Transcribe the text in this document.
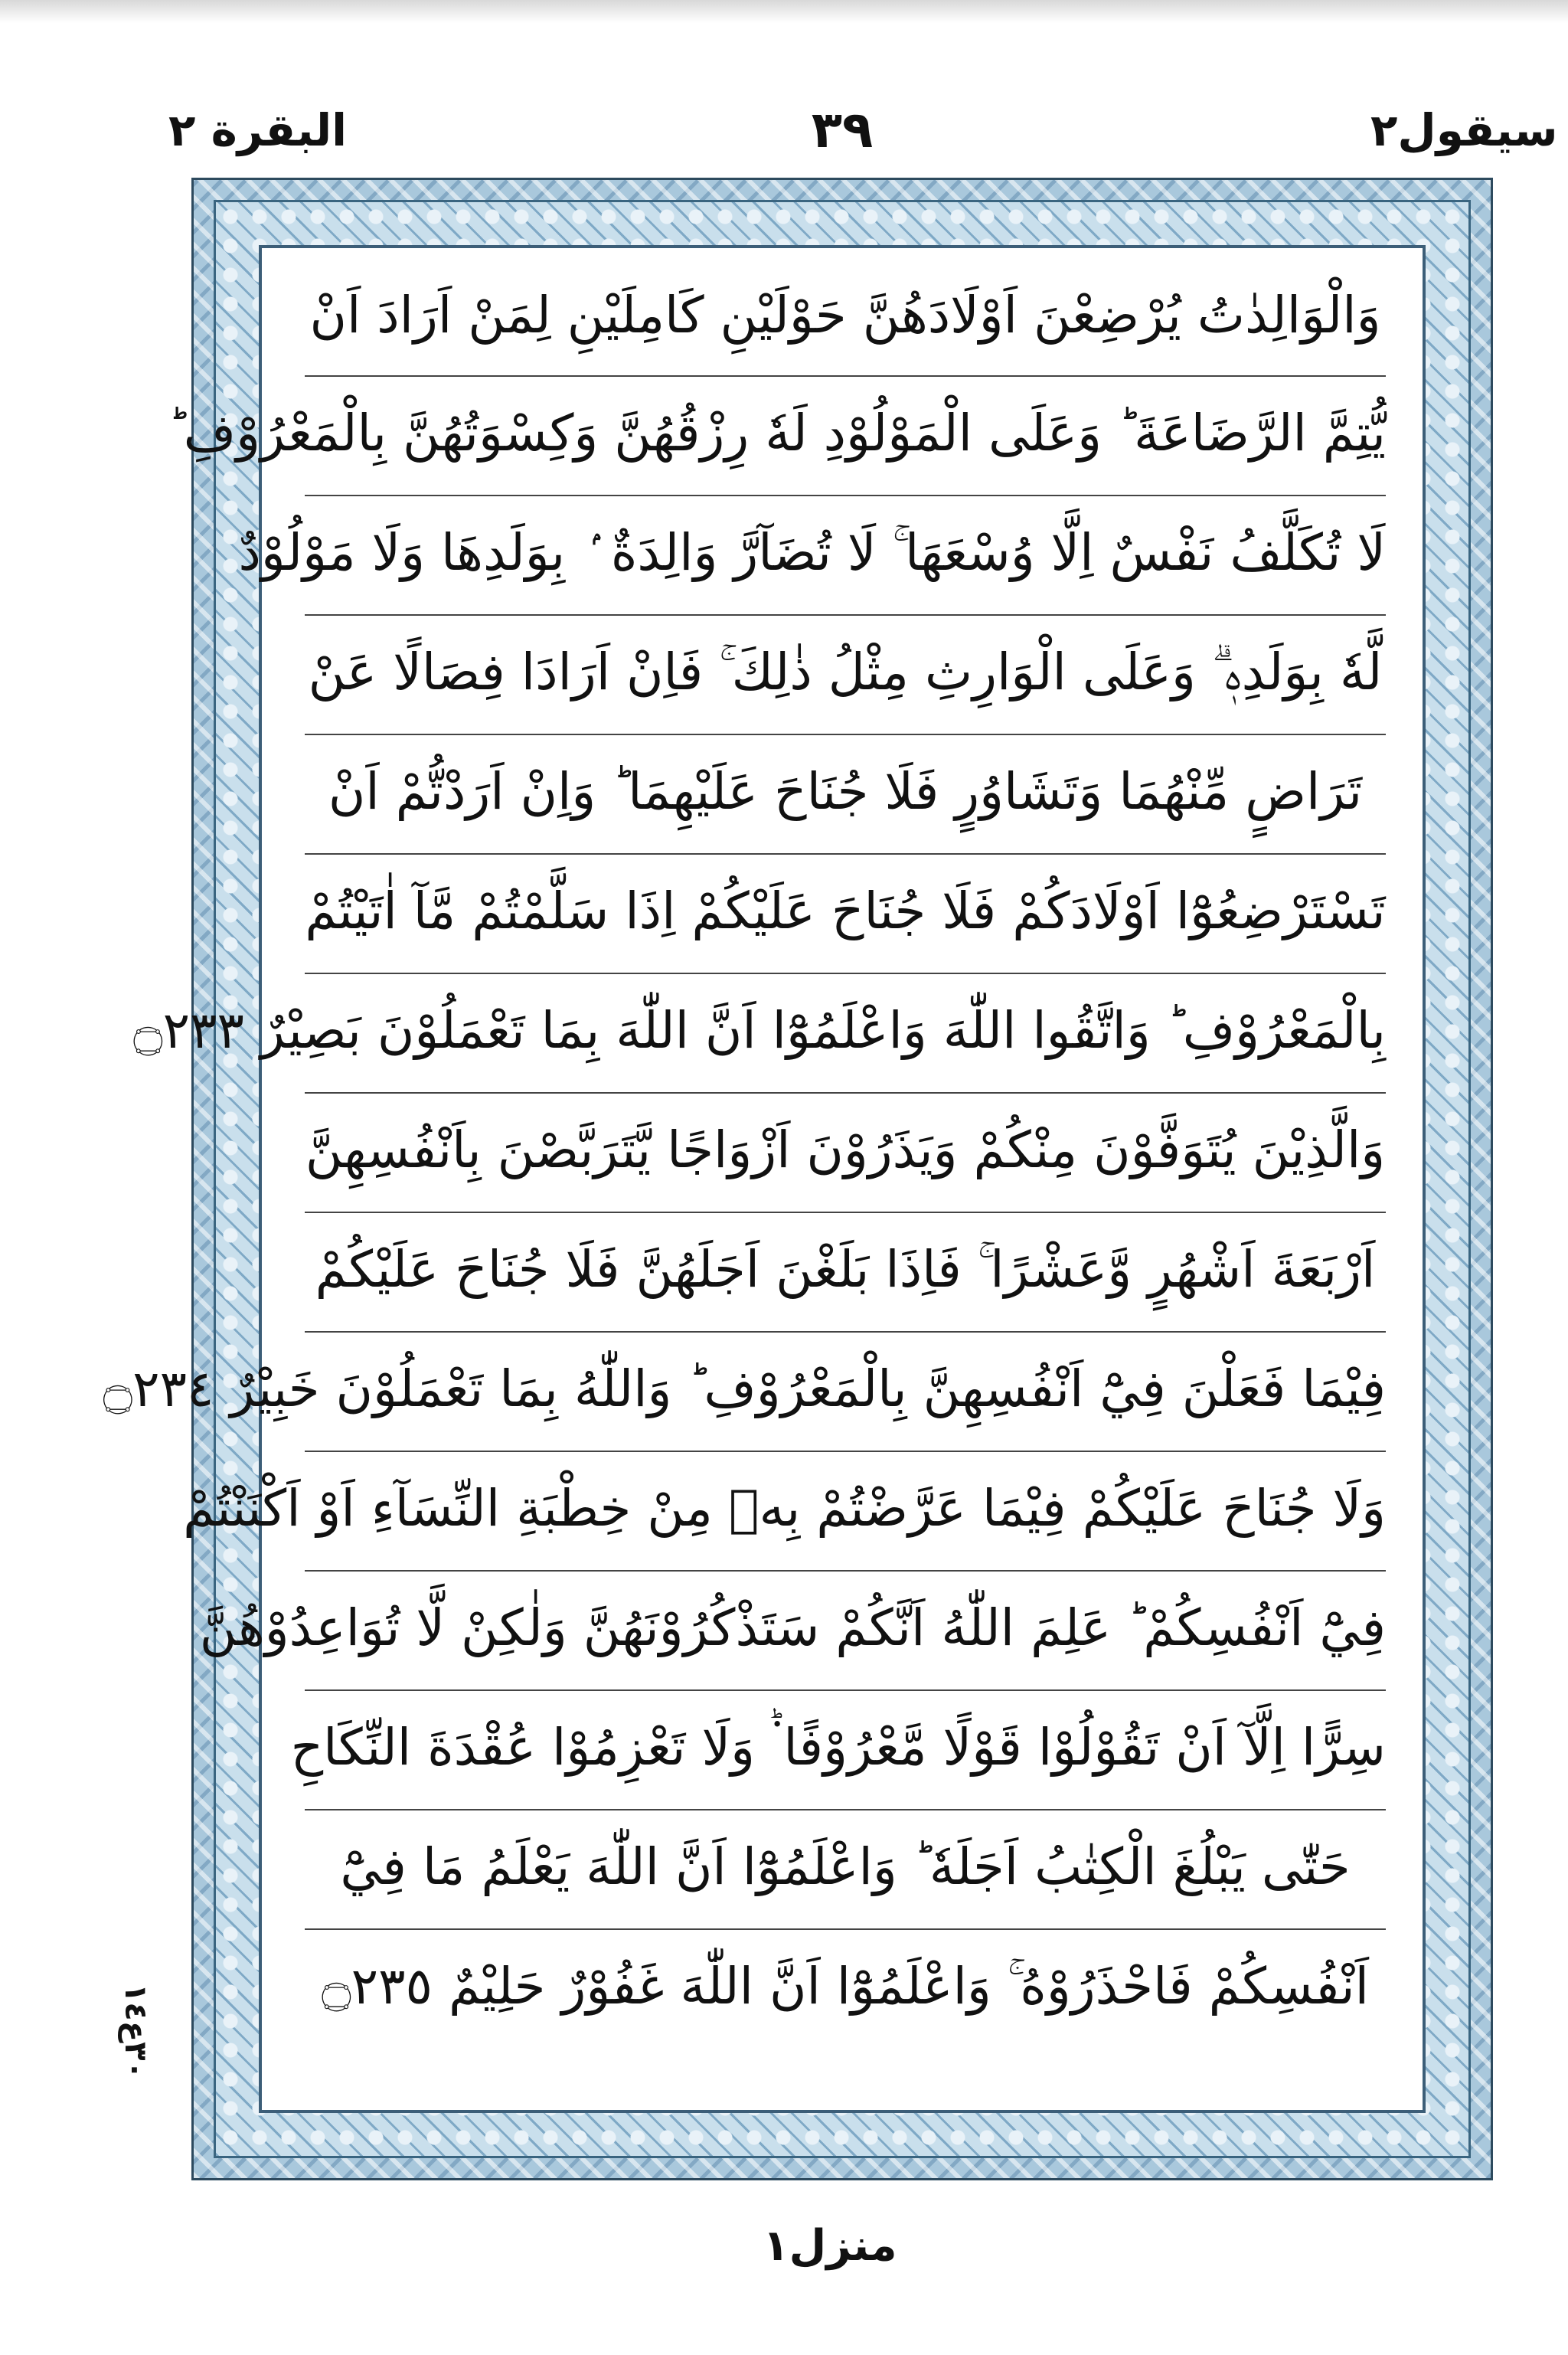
البقرة ٢	٣٩	سيقول٢
وَالْوَالِدٰتُ يُرْضِعْنَ اَوْلَادَهُنَّ حَوْلَيْنِ كَامِلَيْنِ لِمَنْ اَرَادَ اَنْ
يُّتِمَّ الرَّضَاعَةَ ؕ وَعَلَى الْمَوْلُوْدِ لَهٗ رِزْقُهُنَّ وَكِسْوَتُهُنَّ بِالْمَعْرُوْفِ ؕ
لَا تُكَلَّفُ نَفْسٌ اِلَّا وُسْعَهَا ۚ لَا تُضَآرَّ وَالِدَةٌ ۢ بِوَلَدِهَا وَلَا مَوْلُوْدٌ
لَّهٗ بِوَلَدِهٖ ۗ وَعَلَى الْوَارِثِ مِثْلُ ذٰلِكَ ۚ فَاِنْ اَرَادَا فِصَالًا عَنْ
تَرَاضٍ مِّنْهُمَا وَتَشَاوُرٍ فَلَا جُنَاحَ عَلَيْهِمَا ؕ وَاِنْ اَرَدْتُّمْ اَنْ
تَسْتَرْضِعُوْٓا اَوْلَادَكُمْ فَلَا جُنَاحَ عَلَيْكُمْ اِذَا سَلَّمْتُمْ مَّآ اٰتَيْتُمْ
بِالْمَعْرُوْفِ ؕ وَاتَّقُوا اللّٰهَ وَاعْلَمُوْٓا اَنَّ اللّٰهَ بِمَا تَعْمَلُوْنَ بَصِيْرٌ ۝٢٣٣
وَالَّذِيْنَ يُتَوَفَّوْنَ مِنْكُمْ وَيَذَرُوْنَ اَزْوَاجًا يَّتَرَبَّصْنَ بِاَنْفُسِهِنَّ
اَرْبَعَةَ اَشْهُرٍ وَّعَشْرًا ۚ فَاِذَا بَلَغْنَ اَجَلَهُنَّ فَلَا جُنَاحَ عَلَيْكُمْ
فِيْمَا فَعَلْنَ فِيْٓ اَنْفُسِهِنَّ بِالْمَعْرُوْفِ ؕ وَاللّٰهُ بِمَا تَعْمَلُوْنَ خَبِيْرٌ ۝٢٣٤
وَلَا جُنَاحَ عَلَيْكُمْ فِيْمَا عَرَّضْتُمْ بِهٖ مِنْ خِطْبَةِ النِّسَآءِ اَوْ اَكْنَنْتُمْ
فِيْٓ اَنْفُسِكُمْ ؕ عَلِمَ اللّٰهُ اَنَّكُمْ سَتَذْكُرُوْنَهُنَّ وَلٰكِنْ لَّا تُوَاعِدُوْهُنَّ
سِرًّا اِلَّآ اَنْ تَقُوْلُوْا قَوْلًا مَّعْرُوْفًا ۬ؕ وَلَا تَعْزِمُوْا عُقْدَةَ النِّكَاحِ
حَتّٰى يَبْلُغَ الْكِتٰبُ اَجَلَهٗ ؕ وَاعْلَمُوْٓا اَنَّ اللّٰهَ يَعْلَمُ مَا فِيْٓ
اَنْفُسِكُمْ فَاحْذَرُوْهُ ۚ وَاعْلَمُوْٓا اَنَّ اللّٰهَ غَفُوْرٌ حَلِيْمٌ ۝٢٣٥
٣٠ع١٤
منزل١
